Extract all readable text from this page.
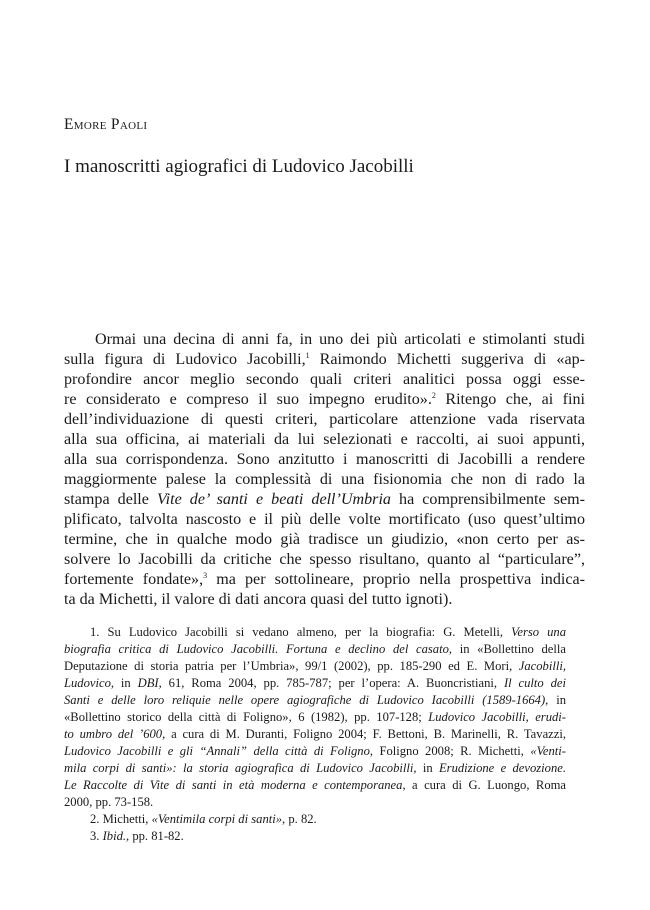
Emore Paoli
I manoscritti agiografici di Ludovico Jacobilli
Ormai una decina di anni fa, in uno dei più articolati e stimolanti studi
sulla figura di Ludovico Jacobilli,$^1$ Raimondo Michetti suggeriva di «ap-
profondire ancor meglio secondo quali criteri analitici possa oggi esse-
re considerato e compreso il suo impegno erudito».$^2$ Ritengo che, ai fini
dell’individuazione di questi criteri, particolare attenzione vada riservata
alla sua officina, ai materiali da lui selezionati e raccolti, ai suoi appunti,
alla sua corrispondenza. Sono anzitutto i manoscritti di Jacobilli a rendere
maggiormente palese la complessità di una fisionomia che non di rado la
stampa delle Vite de’ santi e beati dell’Umbria ha comprensibilmente sem-
plificato, talvolta nascosto e il più delle volte mortificato (uso quest’ultimo
termine, che in qualche modo già tradisce un giudizio, «non certo per as-
solvere lo Jacobilli da critiche che spesso risultano, quanto al “particulare”,
fortemente fondate»,$^3$ ma per sottolineare, proprio nella prospettiva indica-
ta da Michetti, il valore di dati ancora quasi del tutto ignoti).
1. Su Ludovico Jacobilli si vedano almeno, per la biografia: G. Metelli, Verso una
biografia critica di Ludovico Jacobilli. Fortuna e declino del casato, in «Bollettino della
Deputazione di storia patria per l’Umbria», 99/1 (2002), pp. 185-290 ed E. Mori, Jacobilli,
Ludovico, in DBI, 61, Roma 2004, pp. 785-787; per l’opera: A. Buoncristiani, Il culto dei
Santi e delle loro reliquie nelle opere agiografiche di Ludovico Iacobilli (1589-1664), in
«Bollettino storico della città di Foligno», 6 (1982), pp. 107-128; Ludovico Jacobilli, erudi-
to umbro del ’600, a cura di M. Duranti, Foligno 2004; F. Bettoni, B. Marinelli, R. Tavazzi,
Ludovico Jacobilli e gli “Annali” della città di Foligno, Foligno 2008; R. Michetti, «Venti-
mila corpi di santi»: la storia agiografica di Ludovico Jacobilli, in Erudizione e devozione.
Le Raccolte di Vite di santi in età moderna e contemporanea, a cura di G. Luongo, Roma
2000, pp. 73-158.
2. Michetti, «Ventimila corpi di santi», p. 82.
3. Ibid., pp. 81-82.
